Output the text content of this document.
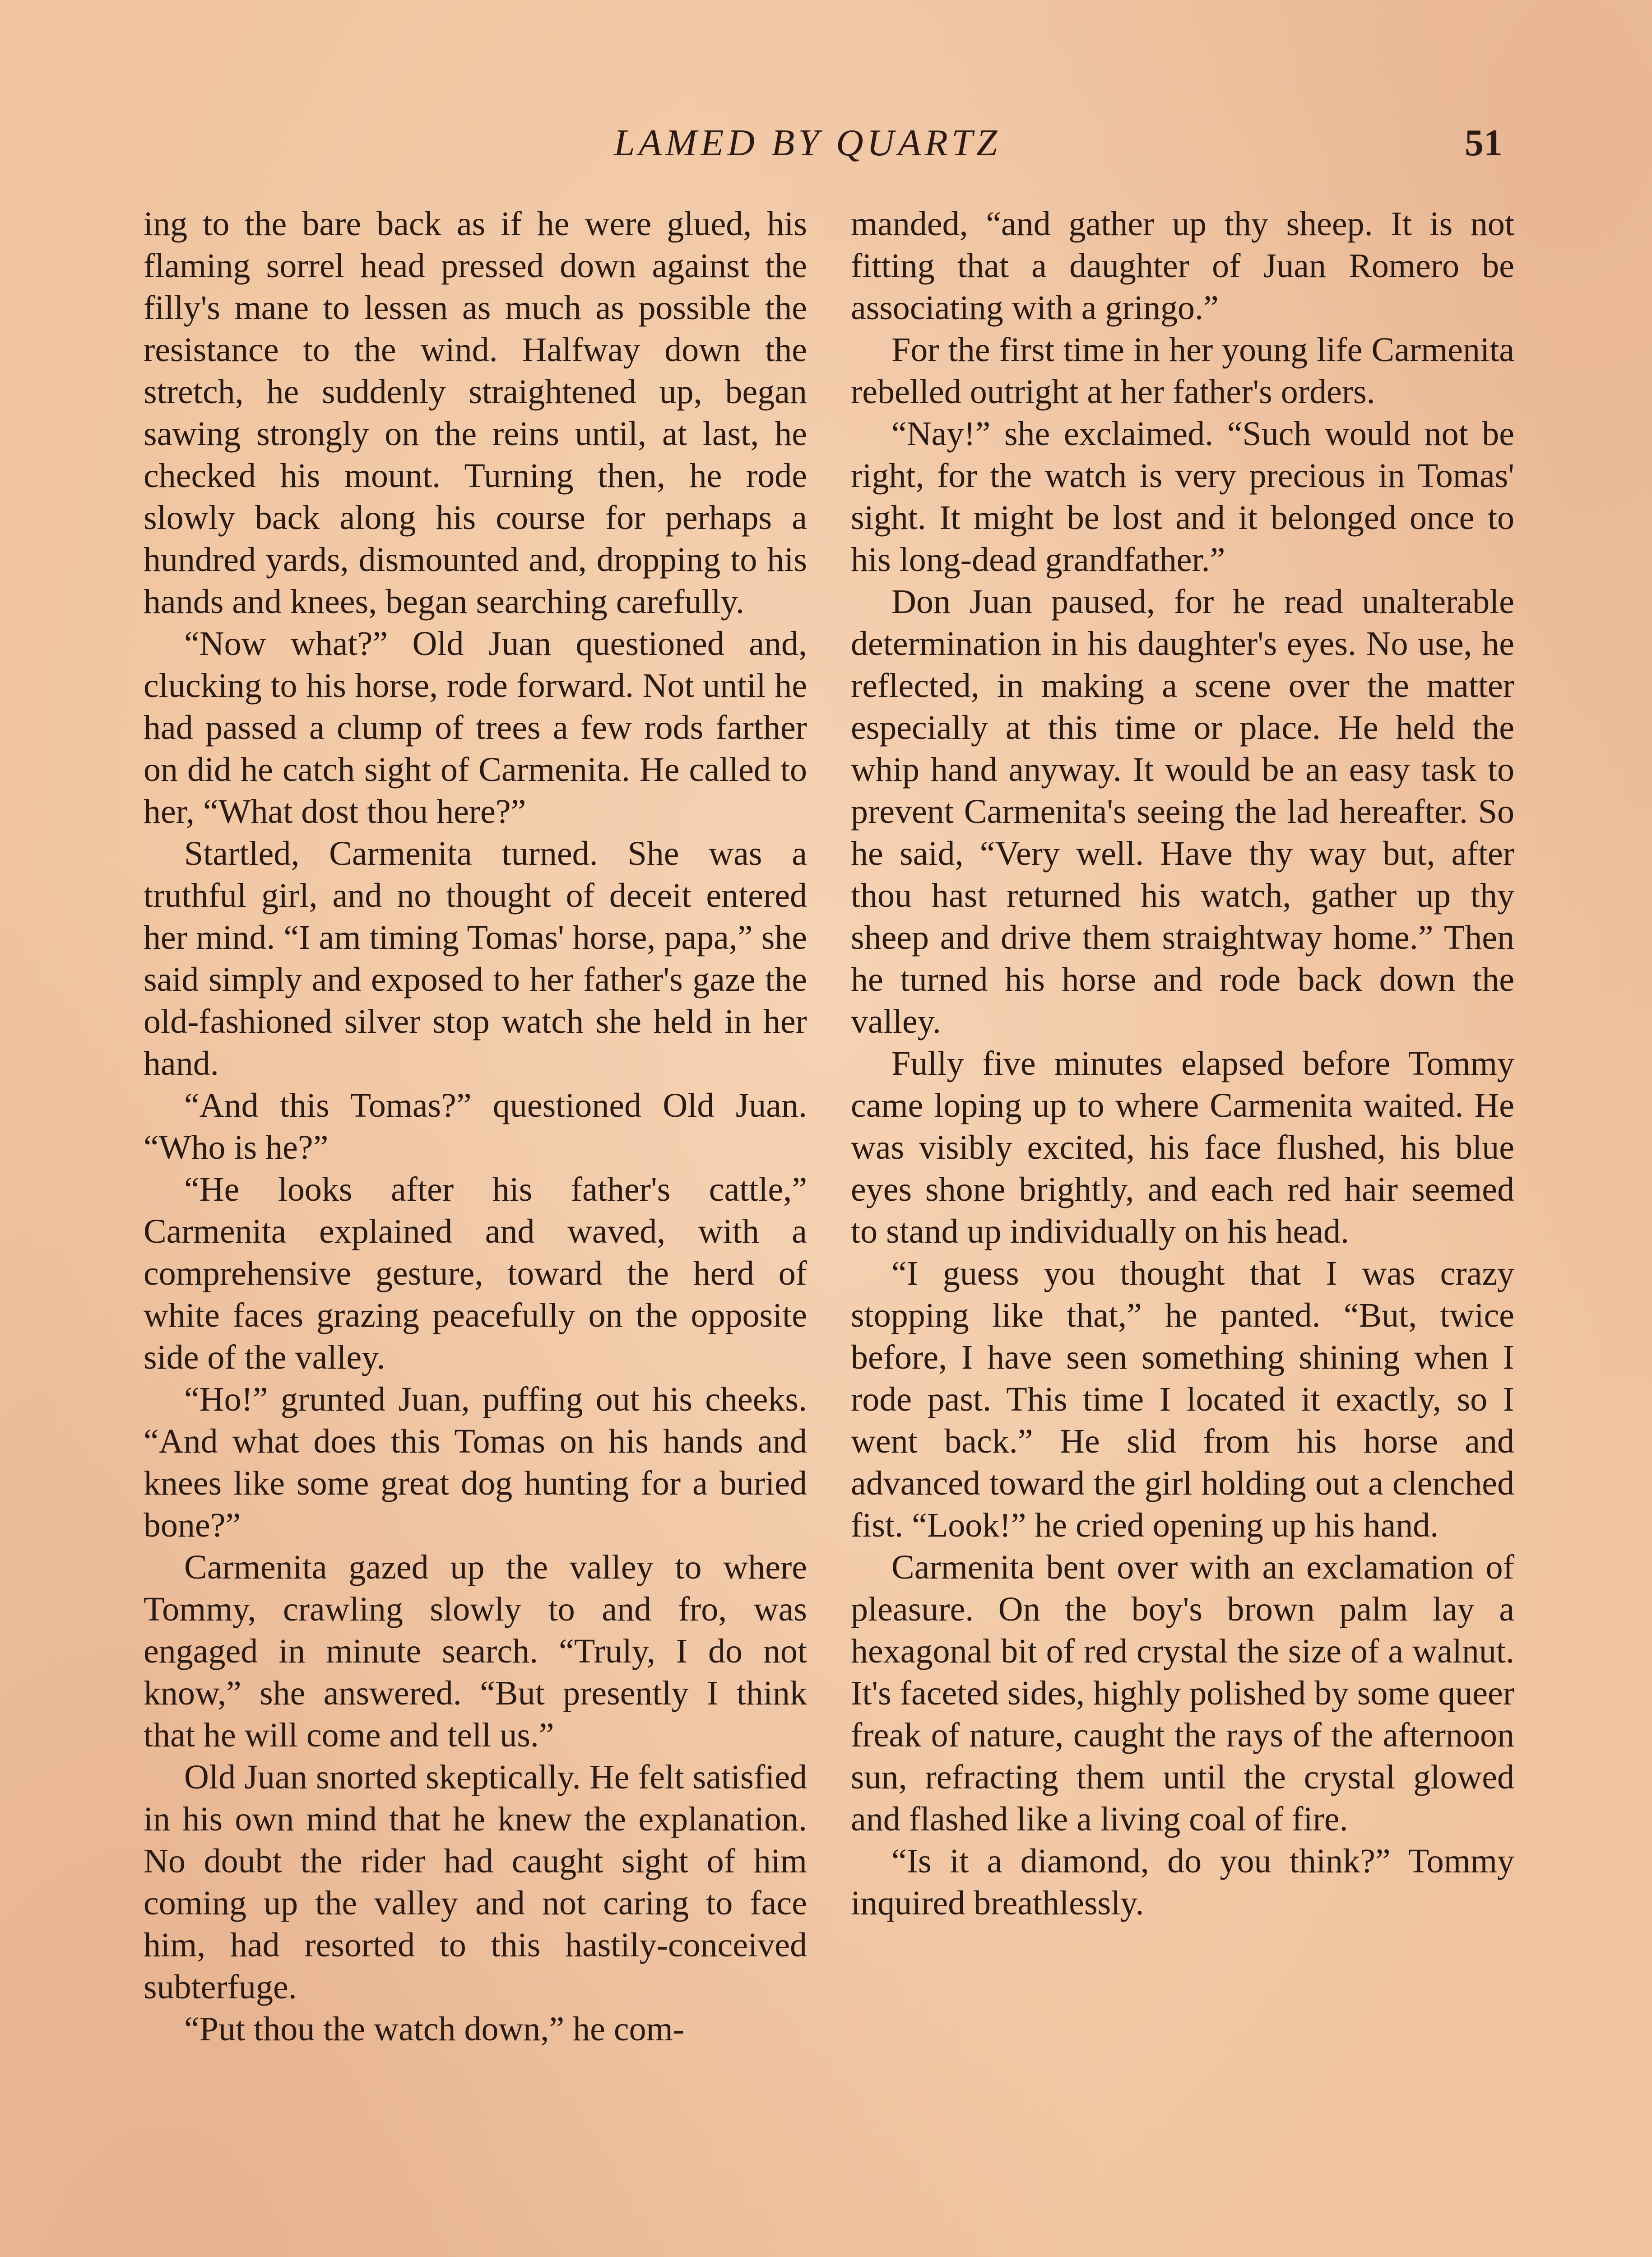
LAMED BY QUARTZ	51

ing to the bare back as if he were glued, his flaming sorrel head pressed down against the filly's mane to lessen as much as possible the resistance to the wind. Halfway down the stretch, he suddenly straightened up, began sawing strongly on the reins until, at last, he checked his mount. Turning then, he rode slowly back along his course for perhaps a hundred yards, dismounted and, dropping to his hands and knees, began searching carefully.

“Now what?” Old Juan questioned and, clucking to his horse, rode forward. Not until he had passed a clump of trees a few rods farther on did he catch sight of Carmenita. He called to her, “What dost thou here?”

Startled, Carmenita turned. She was a truthful girl, and no thought of deceit entered her mind. “I am timing Tomas' horse, papa,” she said simply and exposed to her father's gaze the old-fashioned silver stop watch she held in her hand.

“And this Tomas?” questioned Old Juan. “Who is he?”

“He looks after his father's cattle,” Carmenita explained and waved, with a comprehensive gesture, toward the herd of white faces grazing peacefully on the opposite side of the valley.

“Ho!” grunted Juan, puffing out his cheeks. “And what does this Tomas on his hands and knees like some great dog hunting for a buried bone?”

Carmenita gazed up the valley to where Tommy, crawling slowly to and fro, was engaged in minute search. “Truly, I do not know,” she answered. “But presently I think that he will come and tell us.”

Old Juan snorted skeptically. He felt satisfied in his own mind that he knew the explanation. No doubt the rider had caught sight of him coming up the valley and not caring to face him, had resorted to this hastily-conceived subterfuge.

“Put thou the watch down,” he com-

manded, “and gather up thy sheep. It is not fitting that a daughter of Juan Romero be associating with a gringo.”

For the first time in her young life Carmenita rebelled outright at her father's orders.

“Nay!” she exclaimed. “Such would not be right, for the watch is very precious in Tomas' sight. It might be lost and it belonged once to his long-dead grandfather.”

Don Juan paused, for he read unalterable determination in his daughter's eyes. No use, he reflected, in making a scene over the matter especially at this time or place. He held the whip hand anyway. It would be an easy task to prevent Carmenita's seeing the lad hereafter. So he said, “Very well. Have thy way but, after thou hast returned his watch, gather up thy sheep and drive them straightway home.” Then he turned his horse and rode back down the valley.

Fully five minutes elapsed before Tommy came loping up to where Carmenita waited. He was visibly excited, his face flushed, his blue eyes shone brightly, and each red hair seemed to stand up individually on his head.

“I guess you thought that I was crazy stopping like that,” he panted. “But, twice before, I have seen something shining when I rode past. This time I located it exactly, so I went back.” He slid from his horse and advanced toward the girl holding out a clenched fist. “Look!” he cried opening up his hand.

Carmenita bent over with an exclamation of pleasure. On the boy's brown palm lay a hexagonal bit of red crystal the size of a walnut. It's faceted sides, highly polished by some queer freak of nature, caught the rays of the afternoon sun, refracting them until the crystal glowed and flashed like a living coal of fire.

“Is it a diamond, do you think?” Tommy inquired breathlessly.
